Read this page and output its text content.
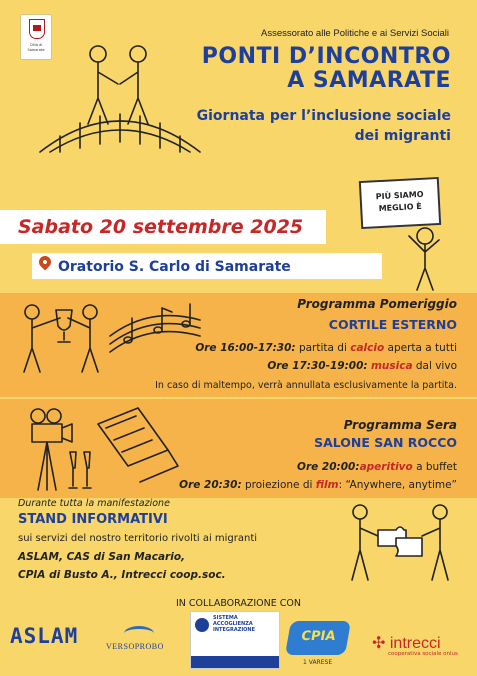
Città di Samarate
Assessorato alle Politiche e ai Servizi Sociali
PONTI D’INCONTRO
A SAMARATE
Giornata per l’inclusione sociale
dei migranti
PIÙ SIAMO
MEGLIO È
Sabato 20 settembre 2025
Oratorio S. Carlo di Samarate
Programma Pomeriggio
CORTILE ESTERNO
Ore 16:00-17:30: partita di calcio aperta a tutti
Ore 17:30-19:00: musica dal vivo
In caso di maltempo, verrà annullata esclusivamente la partita.
Programma Sera
SALONE SAN ROCCO
Ore 20:00:aperitivo a buffet
Ore 20:30: proiezione di film: “Anywhere, anytime”
Durante tutta la manifestazione
STAND INFORMATIVI
sui servizi del nostro territorio rivolti ai migranti
ASLAM, CAS di San Macario,
CPIA di Busto A., Intrecci coop.soc.
IN COLLABORAZIONE CON
ASLAM	VERSOPROBO
SISTEMA ACCOGLIENZA INTEGRAZIONE	CPIA
1 VARESE
✣ intrecci
cooperativa sociale onlus
